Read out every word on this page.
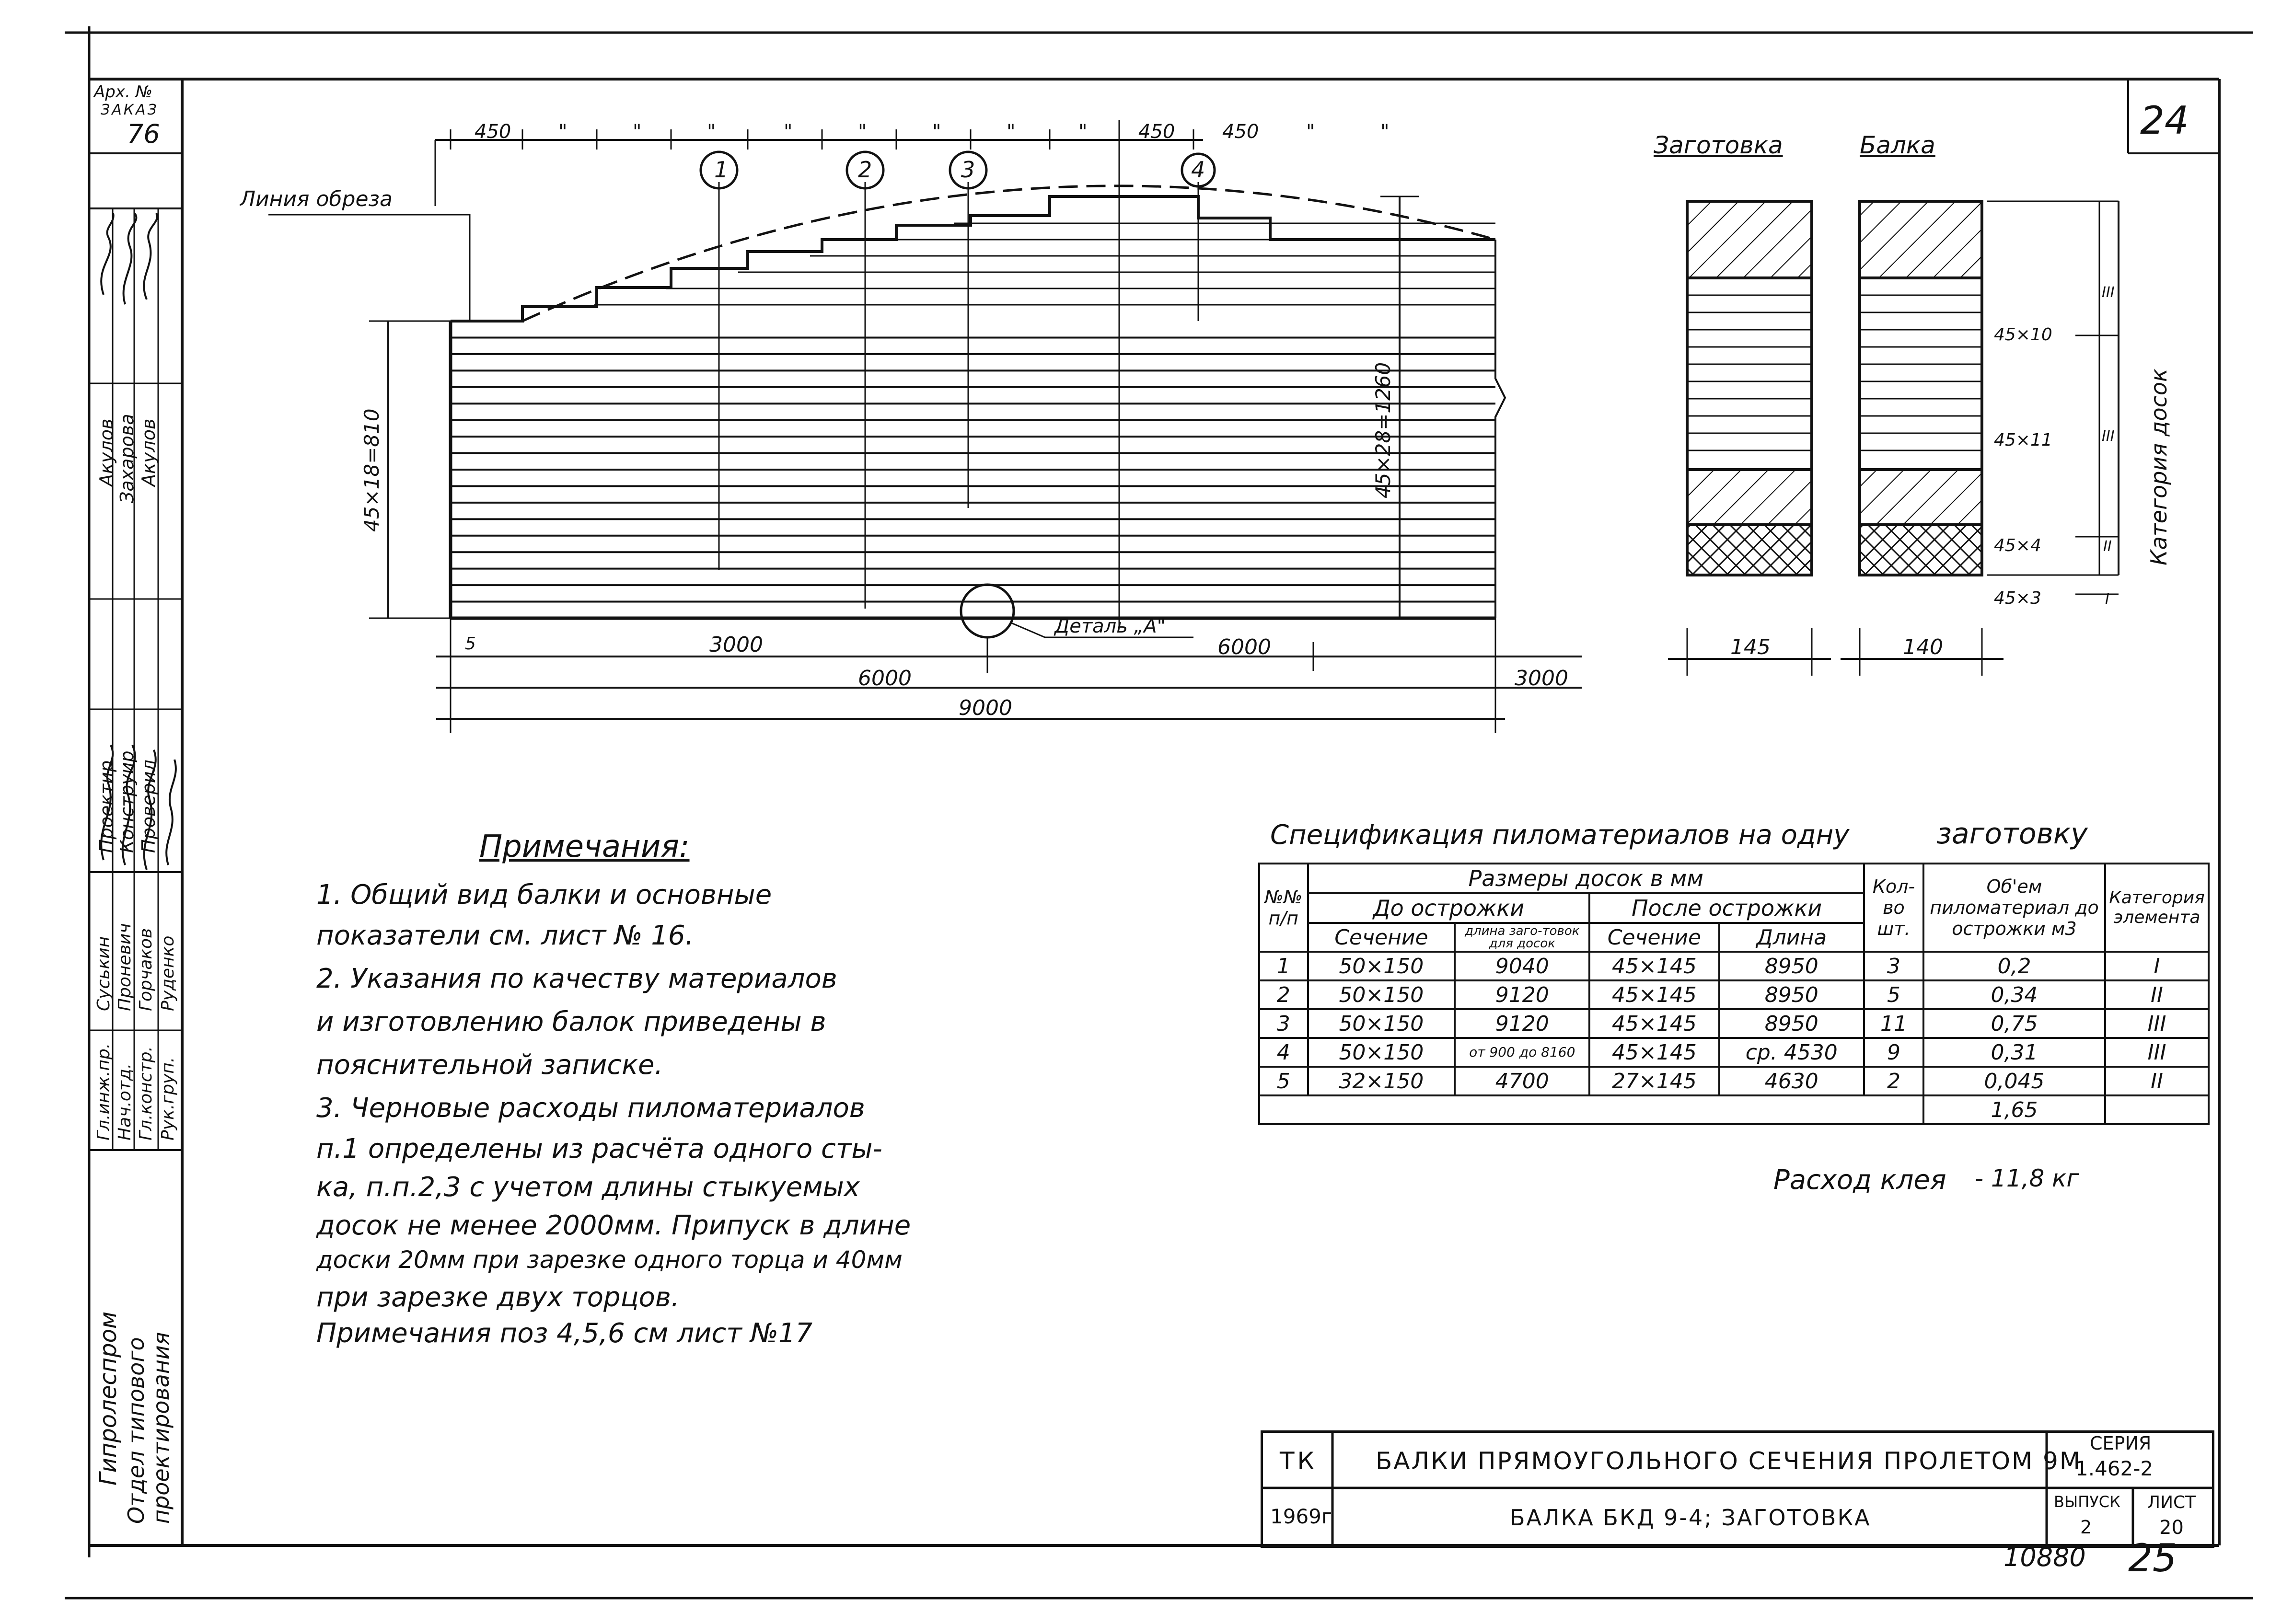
24
Арх. №
ЗАКАЗ
76
Проектир Конструир Проверил
Акулов Захарова Акулов
Гл.инж.пр. Нач.отд. Гл.констр. Рук.груп.
Суськин Проневич Горчаков Руденко
Гипролеспром Отдел типового проектирования
Линия обреза
450 "	"	"	"	"	"	"	"	450 450 "	"
1	2	3	4
45×18=810	45×28=1260
5	3000	6000
6000	3000
9000
Деталь „А"
Заготовка	Балка
45×10
45×11
45×4
45×3
III
III
II
I
Категория досок
145	140
Примечания:
1. Общий вид балки и основные
показатели см. лист № 16.
2. Указания по качеству материалов
и изготовлению балок приведены в
пояснительной записке.
3. Черновые расходы пиломатериалов
п.1 определены из расчёта одного сты-
ка, п.п.2,3 с учетом длины стыкуемых
досок не менее 2000мм. Припуск в длине
доски 20мм при зарезке одного торца и 40мм
при зарезке двух торцов.
Примечания поз 4,5,6 см лист №17
Спецификация пиломатериалов на одну	заготовку
№№ п/п	Размеры досок в мм				Кол-во шт.	Об'ем пиломатериал до острожки м3	Категория элемента
	До острожки		После острожки				
	Сечение	длина заго-товок для досок	Сечение	Длина			
1	50×150	9040	45×145	8950	3	0,2	I
2	50×150	9120	45×145	8950	5	0,34	II
3	50×150	9120	45×145	8950	11	0,75	III
4	50×150	от 900 до 8160	45×145	ср. 4530	9	0,31	III
5	32×150	4700	27×145	4630	2	0,045	II
						1,65	
Расход клея - 11,8 кг
ТК
1969г
БАЛКИ ПРЯМОУГОЛЬНОГО СЕЧЕНИЯ ПРОЛЕТОМ 9М
БАЛКА БКД 9-4; ЗАГОТОВКА
СЕРИЯ
1.462-2
ВЫПУСК
2
ЛИСТ
20
10880 25
